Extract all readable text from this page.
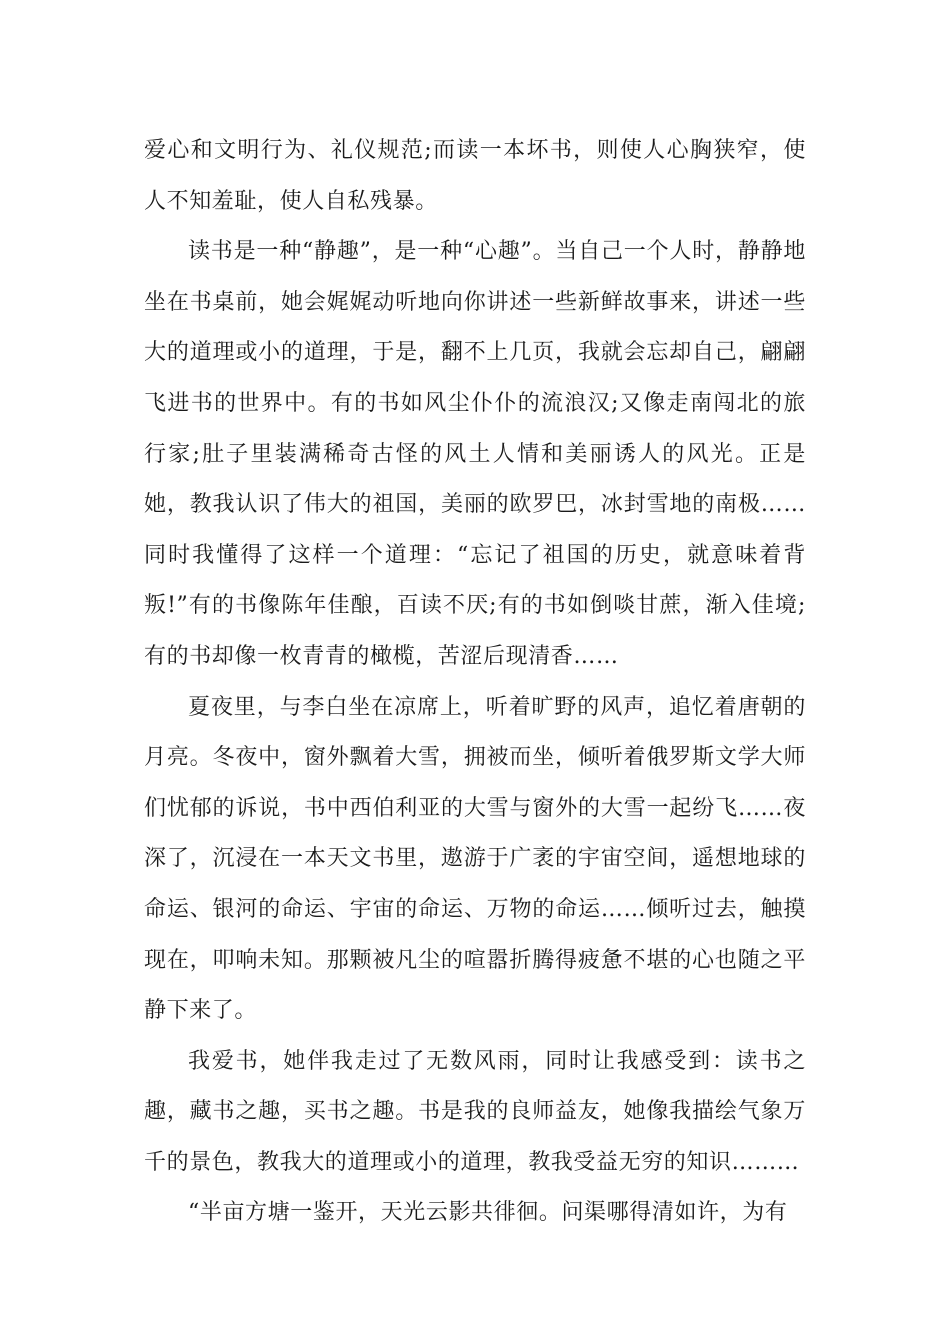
爱心和文明行为、礼仪规范;而读一本坏书，则使人心胸狭窄，使人不知羞耻，使人自私残暴。

读书是一种“静趣”，是一种“心趣”。当自己一个人时，静静地坐在书桌前，她会娓娓动听地向你讲述一些新鲜故事来，讲述一些大的道理或小的道理，于是，翻不上几页，我就会忘却自己，翩翩飞进书的世界中。有的书如风尘仆仆的流浪汉;又像走南闯北的旅行家;肚子里装满稀奇古怪的风土人情和美丽诱人的风光。正是她，教我认识了伟大的祖国，美丽的欧罗巴，冰封雪地的南极……同时我懂得了这样一个道理：“忘记了祖国的历史，就意味着背叛!”有的书像陈年佳酿，百读不厌;有的书如倒啖甘蔗，渐入佳境;有的书却像一枚青青的橄榄，苦涩后现清香……

夏夜里，与李白坐在凉席上，听着旷野的风声，追忆着唐朝的月亮。冬夜中，窗外飘着大雪，拥被而坐，倾听着俄罗斯文学大师们忧郁的诉说，书中西伯利亚的大雪与窗外的大雪一起纷飞……夜深了，沉浸在一本天文书里，遨游于广袤的宇宙空间，遥想地球的命运、银河的命运、宇宙的命运、万物的命运……倾听过去，触摸现在，叩响未知。那颗被凡尘的喧嚣折腾得疲惫不堪的心也随之平静下来了。

我爱书，她伴我走过了无数风雨，同时让我感受到：读书之趣，藏书之趣，买书之趣。书是我的良师益友，她像我描绘气象万千的景色，教我大的道理或小的道理，教我受益无穷的知识………

“半亩方塘一鉴开，天光云影共徘徊。问渠哪得清如许，为有
